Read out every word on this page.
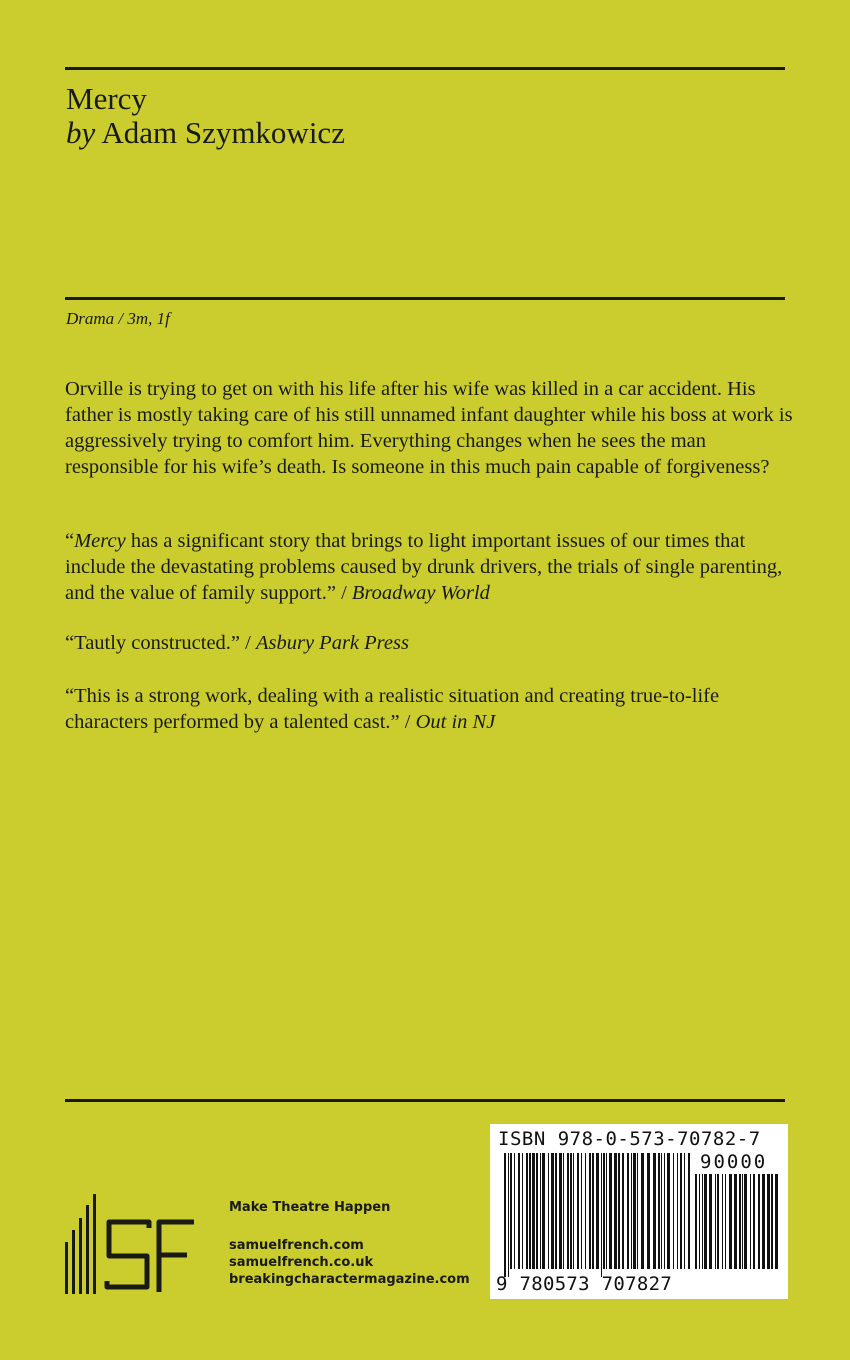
Mercy
by Adam Szymkowicz
Drama / 3m, 1f

Orville is trying to get on with his life after his wife was killed in a car accident. His father is mostly taking care of his still unnamed infant daughter while his boss at work is aggressively trying to comfort him. Everything changes when he sees the man responsible for his wife’s death. Is someone in this much pain capable of forgiveness?

“Mercy has a significant story that brings to light important issues of our times that include the devastating problems caused by drunk drivers, the trials of single parenting, and the value of family support.” / Broadway World

“Tautly constructed.” / Asbury Park Press

“This is a strong work, dealing with a realistic situation and creating true-to-life characters performed by a talented cast.” / Out in NJ

Make Theatre Happen
samuelfrench.com
samuelfrench.co.uk
breakingcharactermagazine.com
ISBN 978-0-573-70782-7
90000
9 780573 707827
